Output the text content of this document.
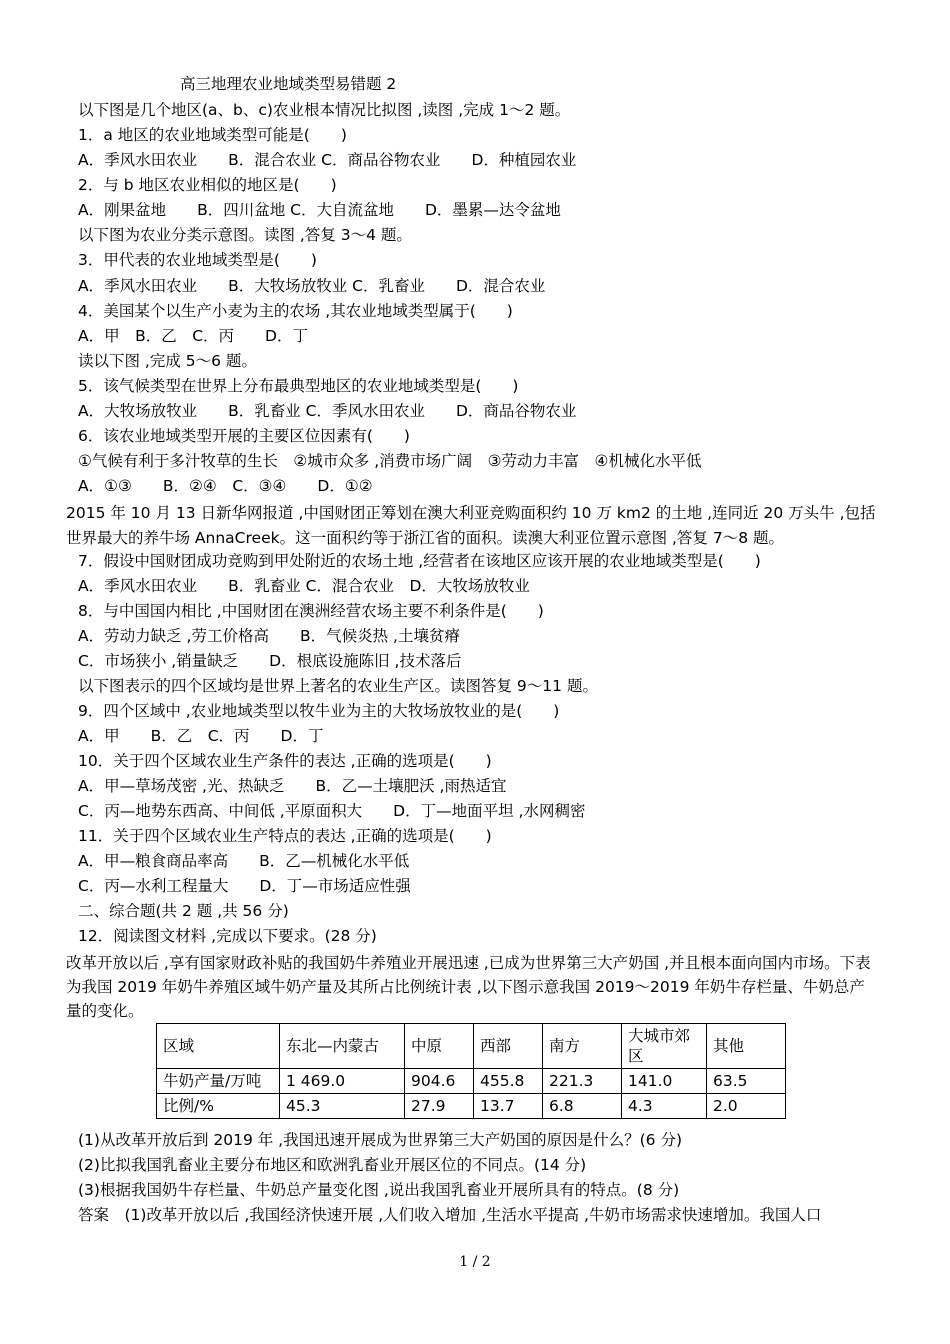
高三地理农业地域类型易错题 2
以下图是几个地区(a、b、c)农业根本情况比拟图 ,读图 ,完成 1～2 题。
1．a 地区的农业地域类型可能是(　　)
A．季风水田农业　　B．混合农业 C．商品谷物农业　　D．种植园农业
2．与 b 地区农业相似的地区是(　　)
A．刚果盆地　　B．四川盆地 C．大自流盆地　　D．墨累—达令盆地
以下图为农业分类示意图。读图 ,答复 3～4 题。
3．甲代表的农业地域类型是(　　)
A．季风水田农业　　B．大牧场放牧业 C．乳畜业　　D．混合农业
4．美国某个以生产小麦为主的农场 ,其农业地域类型属于(　　)
A．甲　B．乙　C．丙　　D．丁
读以下图 ,完成 5～6 题。
5．该气候类型在世界上分布最典型地区的农业地域类型是(　　)
A．大牧场放牧业　　B．乳畜业 C．季风水田农业　　D．商品谷物农业
6．该农业地域类型开展的主要区位因素有(　　)
①气候有利于多汁牧草的生长　②城市众多 ,消费市场广阔　③劳动力丰富　④机械化水平低
A．①③　　B．②④　C．③④　　D．①②
2015 年 10 月 13 日新华网报道 ,中国财团正筹划在澳大利亚竞购面积约 10 万 km2 的土地 ,连同近 20 万头牛 ,包括世界最大的养牛场 AnnaCreek。这一面积约等于浙江省的面积。读澳大利亚位置示意图 ,答复 7～8 题。
7．假设中国财团成功竞购到甲处附近的农场土地 ,经营者在该地区应该开展的农业地域类型是(　　)
A．季风水田农业　　B．乳畜业 C．混合农业　D．大牧场放牧业
8．与中国国内相比 ,中国财团在澳洲经营农场主要不利条件是(　　)
A．劳动力缺乏 ,劳工价格高　　B．气候炎热 ,土壤贫瘠
C．市场狭小 ,销量缺乏　　D．根底设施陈旧 ,技术落后
以下图表示的四个区域均是世界上著名的农业生产区。读图答复 9～11 题。
9．四个区域中 ,农业地域类型以牧牛业为主的大牧场放牧业的是(　　)
A．甲　　B．乙　C．丙　　D．丁
10．关于四个区域农业生产条件的表达 ,正确的选项是(　　)
A．甲—草场茂密 ,光、热缺乏　　B．乙—土壤肥沃 ,雨热适宜
C．丙—地势东西高、中间低 ,平原面积大　　D．丁—地面平坦 ,水网稠密
11．关于四个区域农业生产特点的表达 ,正确的选项是(　　)
A．甲—粮食商品率高　　B．乙—机械化水平低
C．丙—水利工程量大　　D．丁—市场适应性强
二、综合题(共 2 题 ,共 56 分)
12．阅读图文材料 ,完成以下要求。(28 分)
改革开放以后 ,享有国家财政补贴的我国奶牛养殖业开展迅速 ,已成为世界第三大产奶国 ,并且根本面向国内市场。下表为我国 2019 年奶牛养殖区域牛奶产量及其所占比例统计表 ,以下图示意我国 2019～2019 年奶牛存栏量、牛奶总产量的变化。
区域	东北—内蒙古	中原	西部	南方	大城市郊区	其他
牛奶产量/万吨	1 469.0	904.6	455.8	221.3	141.0	63.5
比例/%	45.3	27.9	13.7	6.8	4.3	2.0
(1)从改革开放后到 2019 年 ,我国迅速开展成为世界第三大产奶国的原因是什么？(6 分)
(2)比拟我国乳畜业主要分布地区和欧洲乳畜业开展区位的不同点。(14 分)
(3)根据我国奶牛存栏量、牛奶总产量变化图 ,说出我国乳畜业开展所具有的特点。(8 分)
答案　(1)改革开放以后 ,我国经济快速开展 ,人们收入增加 ,生活水平提高 ,牛奶市场需求快速增加。我国人口
1 / 2
